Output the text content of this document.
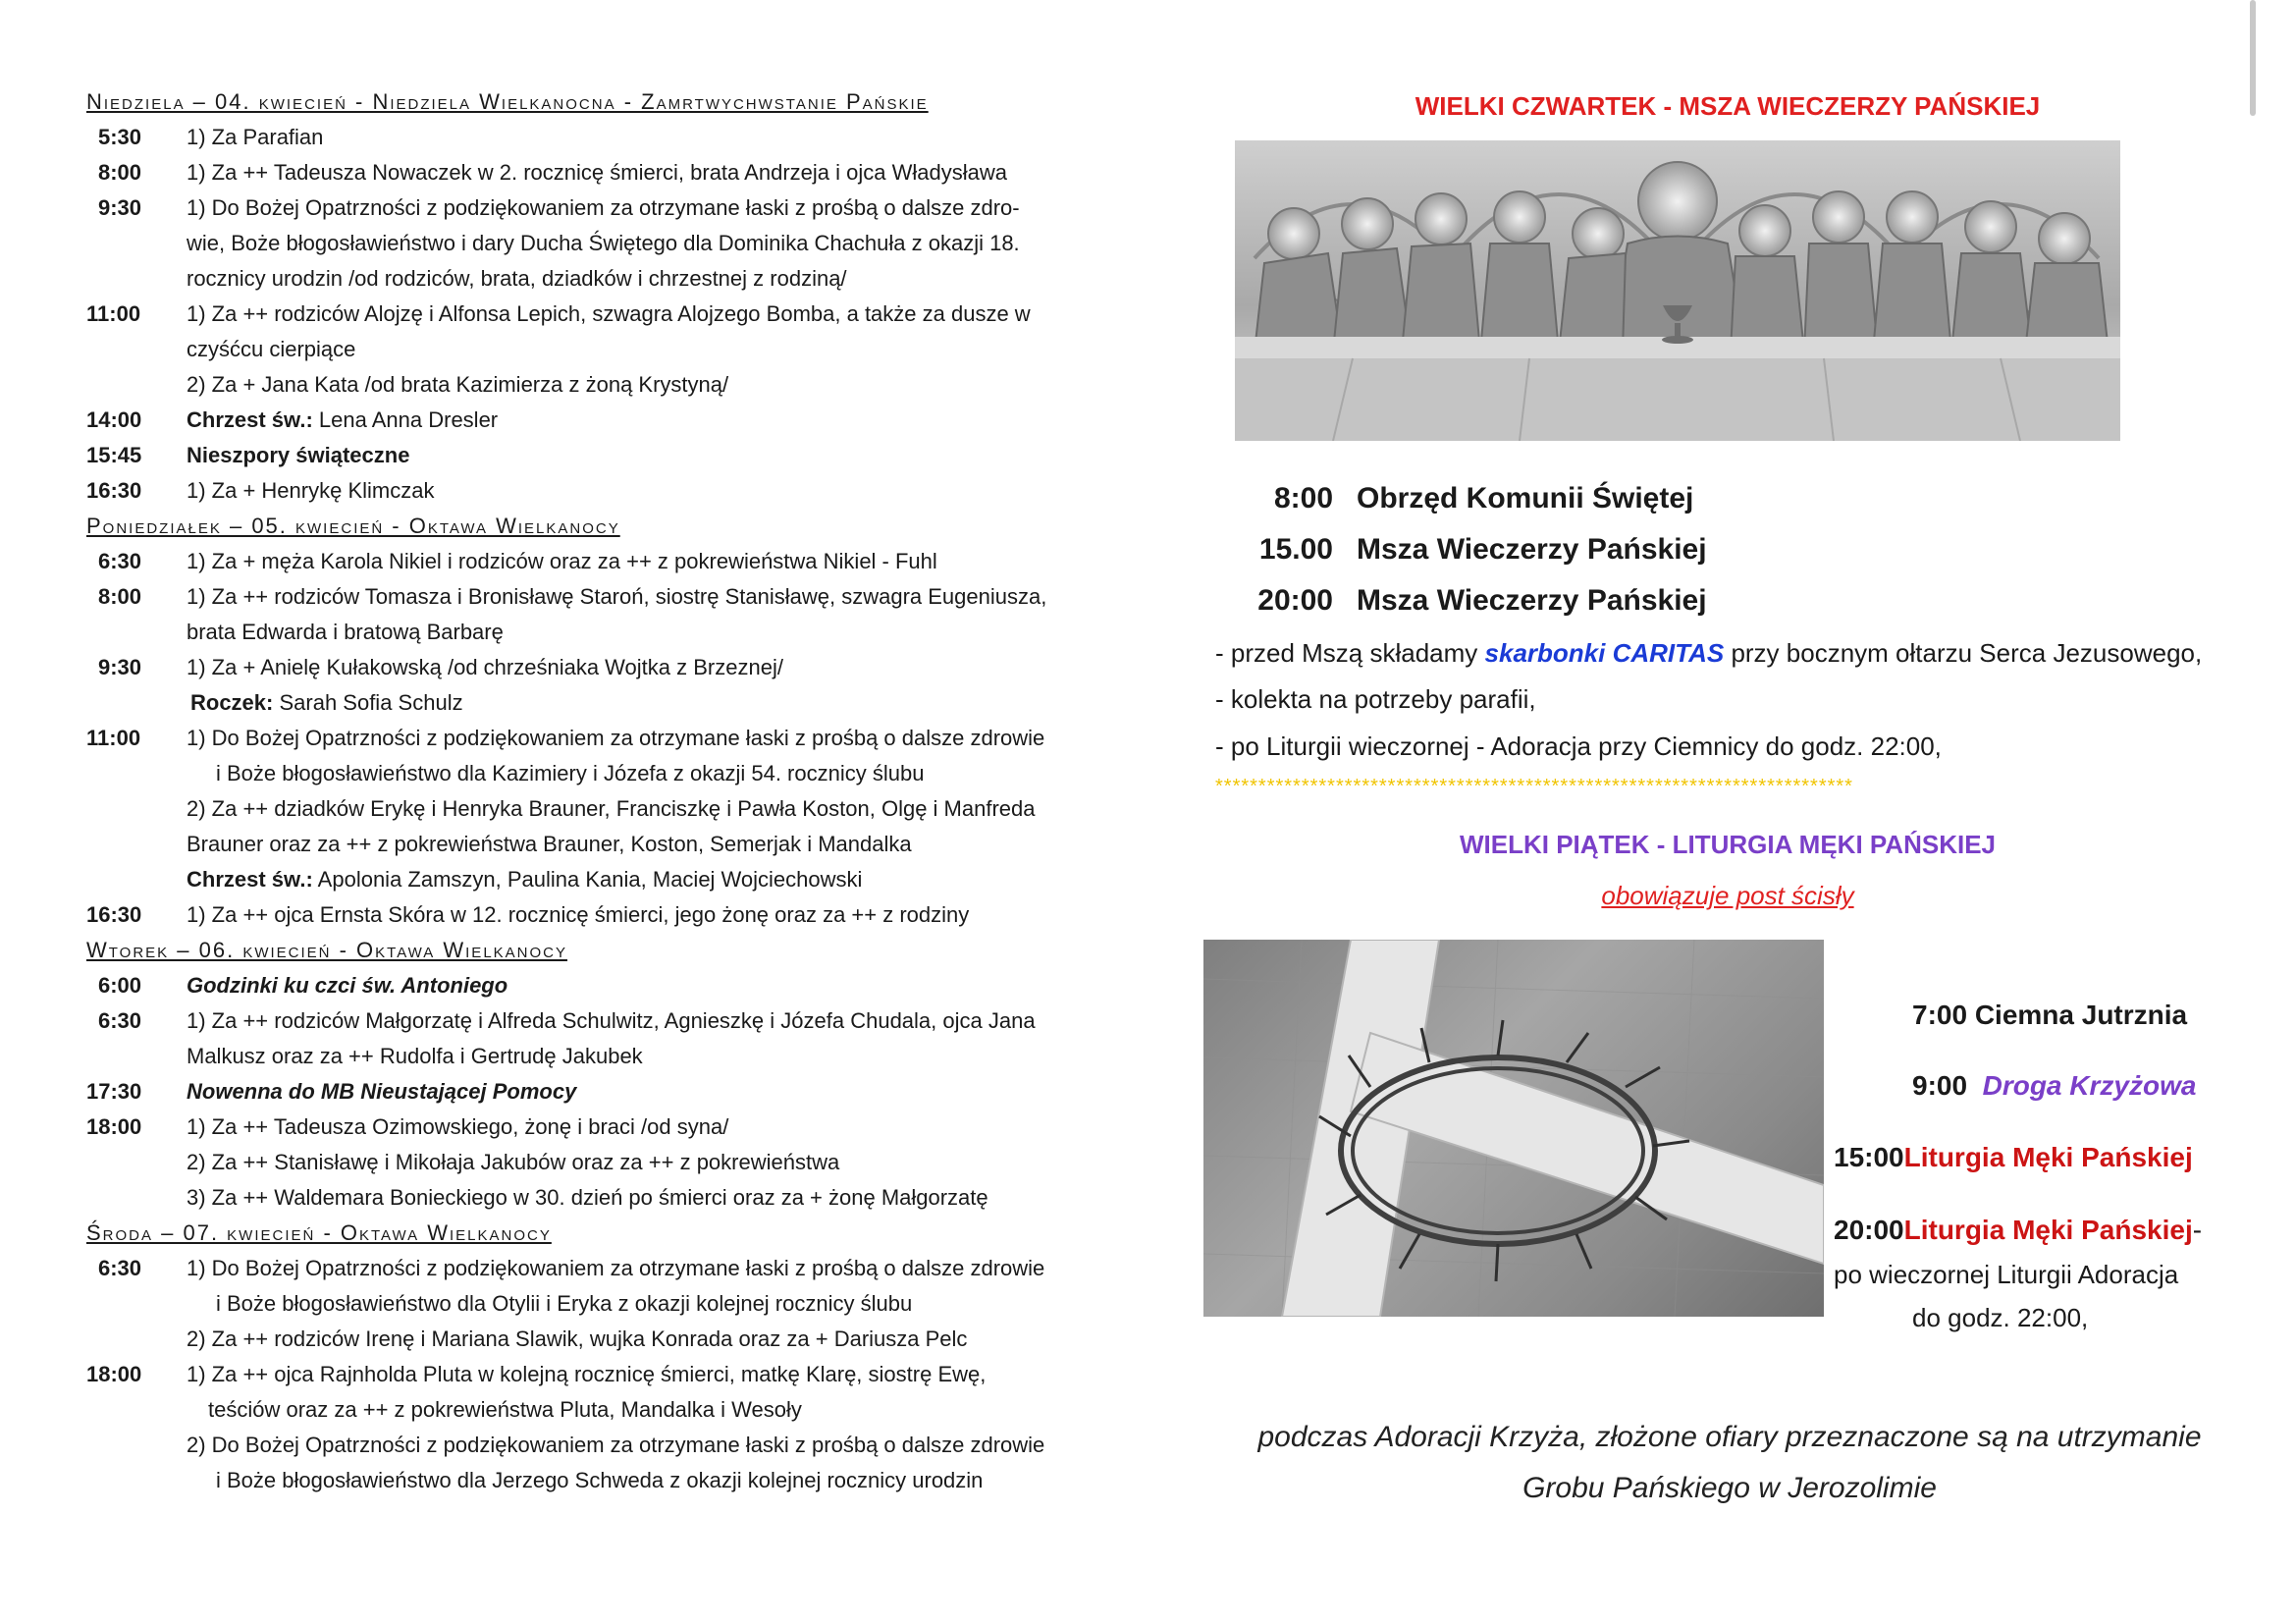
Niedziela – 04. kwiecień - Niedziela Wielkanocna - Zamrtwychwstanie Pańskie
5:30	1) Za Parafian
8:00	1) Za ++ Tadeusza Nowaczek w 2. rocznicę śmierci, brata Andrzeja i ojca Władysława
9:30	1) Do Bożej Opatrzności z podziękowaniem za otrzymane łaski z prośbą o dalsze zdro-
wie, Boże błogosławieństwo i dary Ducha Świętego dla Dominika Chachuła z okazji 18.
rocznicy urodzin /od rodziców, brata, dziadków i chrzestnej z rodziną/
11:00	1) Za ++ rodziców Alojzę i Alfonsa Lepich, szwagra Alojzego Bomba, a także za dusze w
czyśćcu cierpiące
2) Za + Jana Kata /od brata Kazimierza z żoną Krystyną/
14:00	Chrzest św.: Lena Anna Dresler
15:45	Nieszpory świąteczne
16:30	1) Za + Henrykę Klimczak
Poniedziałek – 05. kwiecień - Oktawa Wielkanocy
6:30	1) Za + męża Karola Nikiel i rodziców oraz za ++ z pokrewieństwa Nikiel - Fuhl
8:00	1) Za ++ rodziców Tomasza i Bronisławę Staroń, siostrę Stanisławę, szwagra Eugeniusza,
brata Edwarda i bratową Barbarę
9:30	1) Za + Anielę Kułakowską /od chrześniaka Wojtka z Brzeznej/
Roczek: Sarah Sofia Schulz
11:00	1) Do Bożej Opatrzności z podziękowaniem za otrzymane łaski z prośbą o dalsze zdrowie
i Boże błogosławieństwo dla Kazimiery i Józefa z okazji 54. rocznicy ślubu
2) Za ++ dziadków Erykę i Henryka Brauner, Franciszkę i Pawła Koston, Olgę i Manfreda
Brauner oraz za ++ z pokrewieństwa Brauner, Koston, Semerjak i Mandalka
Chrzest św.: Apolonia Zamszyn, Paulina Kania, Maciej Wojciechowski
16:30	1) Za ++ ojca Ernsta Skóra w 12. rocznicę śmierci, jego żonę oraz za ++ z rodziny
Wtorek – 06. kwiecień - Oktawa Wielkanocy
6:00	Godzinki ku czci św. Antoniego
6:30	1) Za ++ rodziców Małgorzatę i Alfreda Schulwitz, Agnieszkę i Józefa Chudala, ojca Jana
Malkusz oraz za ++ Rudolfa i Gertrudę Jakubek
17:30	Nowenna do MB Nieustającej Pomocy
18:00	1) Za ++ Tadeusza Ozimowskiego, żonę i braci /od syna/
2) Za ++ Stanisławę i Mikołaja Jakubów oraz za ++ z pokrewieństwa
3) Za ++ Waldemara Bonieckiego w 30. dzień po śmierci oraz za + żonę Małgorzatę
Środa – 07. kwiecień - Oktawa Wielkanocy
6:30	1) Do Bożej Opatrzności z podziękowaniem za otrzymane łaski z prośbą o dalsze zdrowie
i Boże błogosławieństwo dla Otylii i Eryka z okazji kolejnej rocznicy ślubu
2) Za ++ rodziców Irenę i Mariana Slawik, wujka Konrada oraz za + Dariusza Pelc
18:00	1) Za ++ ojca Rajnholda Pluta w kolejną rocznicę śmierci, matkę Klarę, siostrę Ewę,
teściów oraz za ++ z pokrewieństwa Pluta, Mandalka i Wesoły
2) Do Bożej Opatrzności z podziękowaniem za otrzymane łaski z prośbą o dalsze zdrowie
i Boże błogosławieństwo dla Jerzego Schweda z okazji kolejnej rocznicy urodzin
WIELKI CZWARTEK - MSZA WIECZERZY PAŃSKIEJ
8:00 Obrzęd Komunii Świętej
15.00 Msza Wieczerzy Pańskiej
20:00 Msza Wieczerzy Pańskiej
- przed Mszą składamy skarbonki CARITAS przy bocznym ołtarzu Serca Jezusowego,
- kolekta na potrzeby parafii,
- po Liturgii wieczornej - Adoracja przy Ciemnicy do godz. 22:00,
**************************************************************************
WIELKI PIĄTEK - LITURGIA MĘKI PAŃSKIEJ
obowiązuje post ścisły
7:00 Ciemna Jutrznia
9:00 Droga Krzyżowa
15:00Liturgia Męki Pańskiej
20:00Liturgia Męki Pańskiej-
po wieczornej Liturgii Adoracja
do godz. 22:00,
podczas Adoracji Krzyża, złożone ofiary przeznaczone są na utrzymanie
Grobu Pańskiego w Jerozolimie
